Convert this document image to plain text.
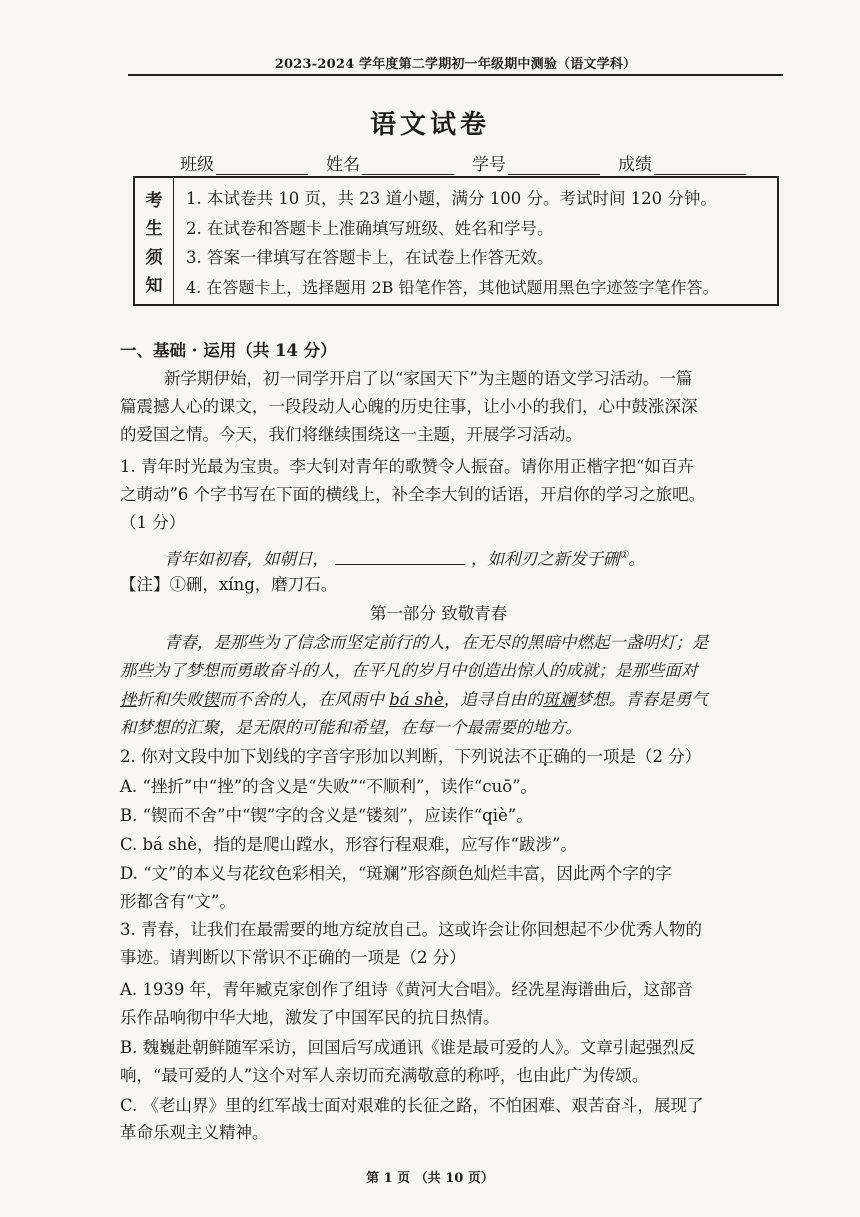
2023-2024 学年度第二学期初一年级期中测验（语文学科）
语文试卷
班级	姓名	学号	成绩
考
生
须
知
1. 本试卷共 10 页，共 23 道小题，满分 100 分。考试时间 120 分钟。
2. 在试卷和答题卡上准确填写班级、姓名和学号。
3. 答案一律填写在答题卡上，在试卷上作答无效。
4. 在答题卡上，选择题用 2B 铅笔作答，其他试题用黑色字迹签字笔作答。
一、基础 · 运用（共 14 分）
新学期伊始，初一同学开启了以“家国天下”为主题的语文学习活动。一篇
篇震撼人心的课文，一段段动人心魄的历史往事，让小小的我们，心中鼓涨深深
的爱国之情。今天，我们将继续围绕这一主题，开展学习活动。
1. 青年时光最为宝贵。李大钊对青年的歌赞令人振奋。请你用正楷字把“如百卉
之萌动”6 个字书写在下面的横线上，补全李大钊的话语，开启你的学习之旅吧。
（1 分）
青年如初春，如朝日，	，如利刃之新发于硎①。
【注】①硎，xíng，磨刀石。
第一部分 致敬青春
青春，是那些为了信念而坚定前行的人，在无尽的黑暗中燃起一盏明灯；是
那些为了梦想而勇敢奋斗的人，在平凡的岁月中创造出惊人的成就；是那些面对
挫折和失败锲而不舍的人，在风雨中 bá shè，追寻自由的斑斓梦想。青春是勇气
和梦想的汇聚，是无限的可能和希望，在每一个最需要的地方。
2. 你对文段中加下划线的字音字形加以判断，下列说法不正确的一项是（2 分）
A. “挫折”中“挫”的含义是“失败”“不顺利”，读作“cuō”。
B. “锲而不舍”中“锲”字的含义是“镂刻”，应读作“qiè”。
C. bá shè，指的是爬山蹚水，形容行程艰难，应写作“跋涉”。
D. “文”的本义与花纹色彩相关，“斑斓”形容颜色灿烂丰富，因此两个字的字
形都含有“文”。
3. 青春，让我们在最需要的地方绽放自己。这或许会让你回想起不少优秀人物的
事迹。请判断以下常识不正确的一项是（2 分）
A. 1939 年，青年臧克家创作了组诗《黄河大合唱》。经冼星海谱曲后，这部音
乐作品响彻中华大地，激发了中国军民的抗日热情。
B. 魏巍赴朝鲜随军采访，回国后写成通讯《谁是最可爱的人》。文章引起强烈反
响，“最可爱的人”这个对军人亲切而充满敬意的称呼，也由此广为传颂。
C. 《老山界》里的红军战士面对艰难的长征之路，不怕困难、艰苦奋斗，展现了
革命乐观主义精神。
第 1 页 （共 10 页）
